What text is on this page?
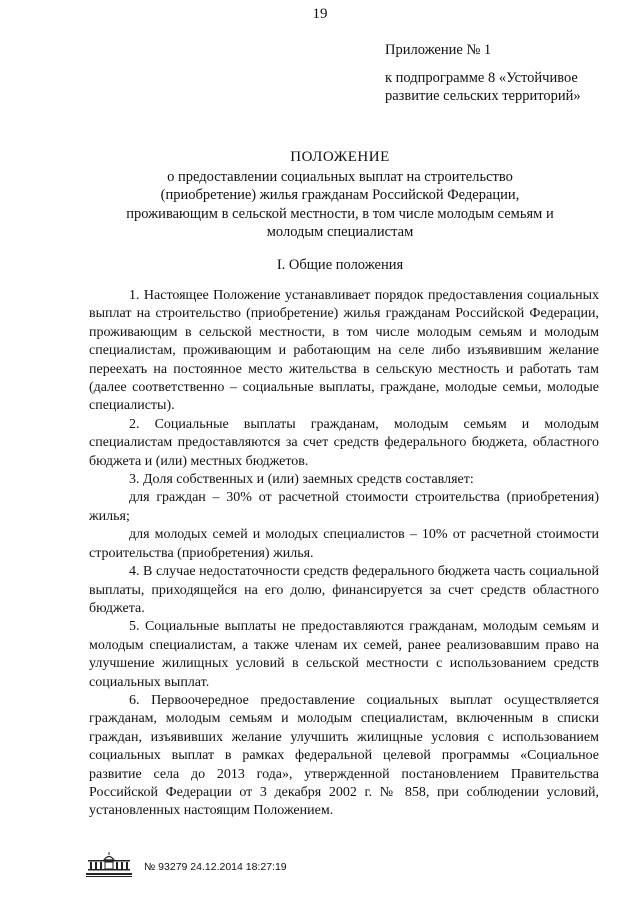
19
Приложение № 1
к подпрограмме 8 «Устойчивое
развитие сельских территорий»
ПОЛОЖЕНИЕ
о предоставлении социальных выплат на строительство
(приобретение) жилья гражданам Российской Федерации,
проживающим в сельской местности, в том числе молодым семьям и
молодым специалистам
I. Общие положения

1. Настоящее Положение устанавливает порядок предоставления социальных выплат на строительство (приобретение) жилья гражданам Российской Федерации, проживающим в сельской местности, в том числе молодым семьям и молодым специалистам, проживающим и работающим на селе либо изъявившим желание переехать на постоянное место жительства в сельскую местность и работать там (далее соответственно – социальные выплаты, граждане, молодые семьи, молодые специалисты).

2. Социальные выплаты гражданам, молодым семьям и молодым специалистам предоставляются за счет средств федерального бюджета, областного бюджета и (или) местных бюджетов.

3. Доля собственных и (или) заемных средств составляет:

для граждан – 30% от расчетной стоимости строительства (приобретения) жилья;

для молодых семей и молодых специалистов – 10% от расчетной стоимости строительства (приобретения) жилья.

4. В случае недостаточности средств федерального бюджета часть социальной выплаты, приходящейся на его долю, финансируется за счет средств областного бюджета.

5. Социальные выплаты не предоставляются гражданам, молодым семьям и молодым специалистам, а также членам их семей, ранее реализовавшим право на улучшение жилищных условий в сельской местности с использованием средств социальных выплат.

6. Первоочередное предоставление социальных выплат осуществляется гражданам, молодым семьям и молодым специалистам, включенным в списки граждан, изъявивших желание улучшить жилищные условия с использованием социальных выплат в рамках федеральной целевой программы «Социальное развитие села до 2013 года», утвержденной постановлением Правительства Российской Федерации от 3 декабря 2002 г. № 858, при соблюдении условий, установленных настоящим Положением.

№ 93279 24.12.2014 18:27:19
